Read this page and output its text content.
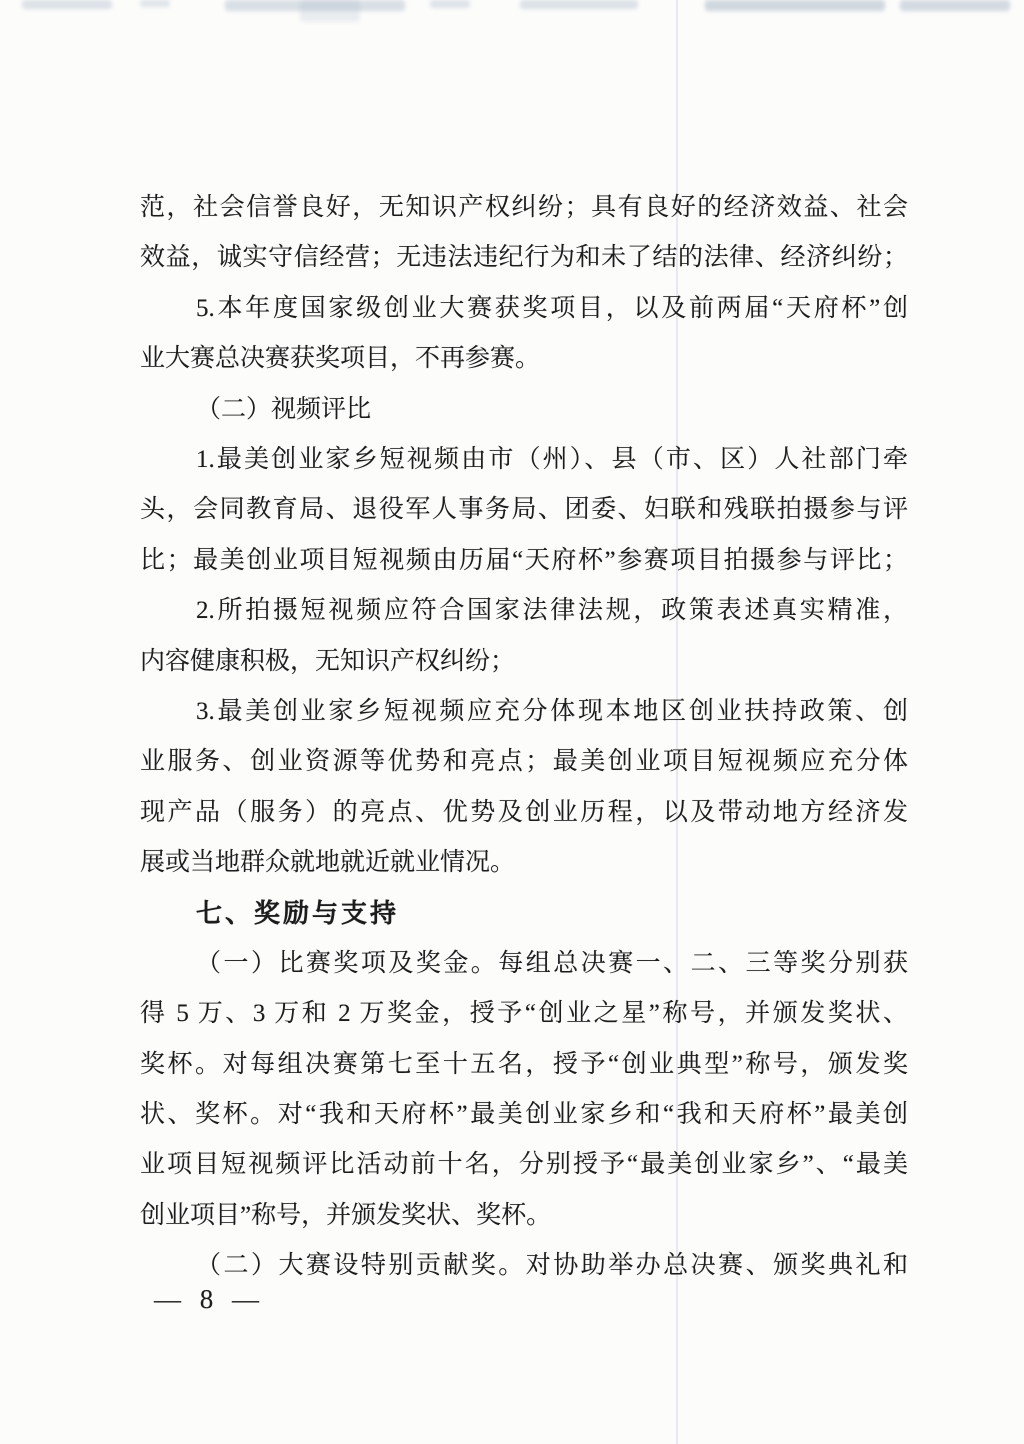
范，社会信誉良好，无知识产权纠纷；具有良好的经济效益、社会
效益，诚实守信经营；无违法违纪行为和未了结的法律、经济纠纷；
5.本年度国家级创业大赛获奖项目，以及前两届“天府杯”创
业大赛总决赛获奖项目，不再参赛。
（二）视频评比
1.最美创业家乡短视频由市（州）、县（市、区）人社部门牵
头，会同教育局、退役军人事务局、团委、妇联和残联拍摄参与评
比；最美创业项目短视频由历届“天府杯”参赛项目拍摄参与评比；
2.所拍摄短视频应符合国家法律法规，政策表述真实精准，
内容健康积极，无知识产权纠纷；
3.最美创业家乡短视频应充分体现本地区创业扶持政策、创
业服务、创业资源等优势和亮点；最美创业项目短视频应充分体
现产品（服务）的亮点、优势及创业历程，以及带动地方经济发
展或当地群众就地就近就业情况。
七、奖励与支持
（一）比赛奖项及奖金。每组总决赛一、二、三等奖分别获
得 5 万、3 万和 2 万奖金，授予“创业之星”称号，并颁发奖状、
奖杯。对每组决赛第七至十五名，授予“创业典型”称号，颁发奖
状、奖杯。对“我和天府杯”最美创业家乡和“我和天府杯”最美创
业项目短视频评比活动前十名，分别授予“最美创业家乡”、“最美
创业项目”称号，并颁发奖状、奖杯。
（二）大赛设特别贡献奖。对协助举办总决赛、颁奖典礼和
— 8 —
